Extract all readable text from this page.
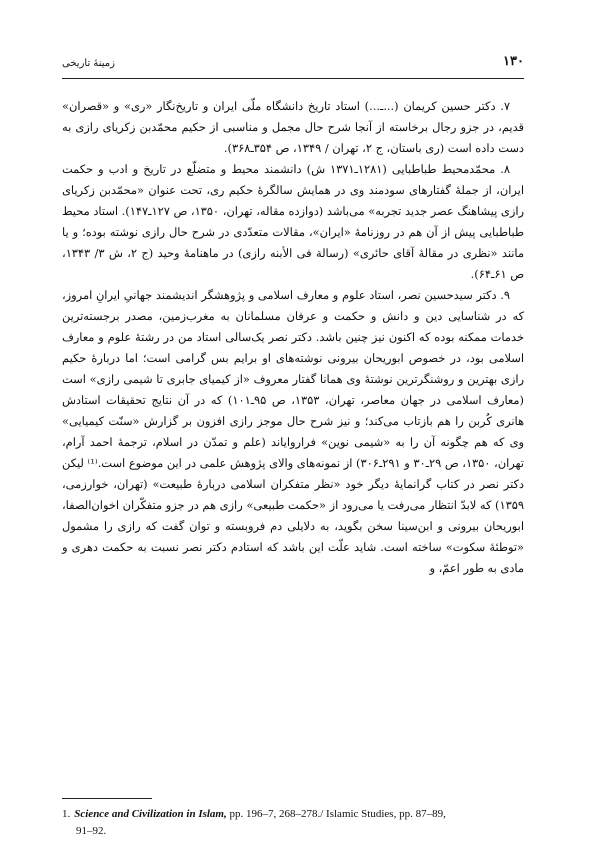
۱۳۰
زمینهٔ تاریخی

۷. دکتر حسین کریمان (...ـ...) استاد تاریخ دانشگاه ملّی ایران و تاریخ‌نگار «ری» و «قصران» قدیم، در جزو رجال برخاسته از آنجا شرح حال مجمل و مناسبی از حکیم محمّدبن زکریای رازی به دست داده است (ری باستان، ج ۲، تهران / ۱۳۴۹، ص ۳۵۴ـ۳۶۸).

۸. محمّدمحیط طباطبایی (۱۲۸۱ـ۱۳۷۱ ش) دانشمند محیط و متضلّع در تاریخ و ادب و حکمت ایران، از جملهٔ گفتارهای سودمند وی در همایش سالگرهٔ حکیم ری، تحت عنوان «محمّدبن زکریای رازی پیشاهنگ عصر جدید تجربه» می‌باشد (دوازده مقاله، تهران، ۱۳۵۰، ص ۱۲۷ـ۱۴۷). استاد محیط طباطبایی پیش از آن هم در روزنامهٔ «ایران»، مقالات متعدّدی در شرح حال رازی نوشته بوده؛ و یا مانند «نظری در مقالهٔ آقای حائری» (رسالة فی الأبنه رازی) در ماهنامهٔ وحید (ج ۲، ش ۳/ ۱۳۴۳، ص ۶۱ـ۶۴).

۹. دکتر سیدحسین نصر، استاد علوم و معارف اسلامی و پژوهشگر اندیشمند جهانیِ ایرانِ امروز، که در شناسایی دین و دانش و حکمت و عرفان مسلمانان به مغرب‌زمین، مصدر برجسته‌ترین خدمات ممکنه بوده که اکنون نیز چنین باشد. دکتر نصر یک‌سالی استاد من در رشتهٔ علوم و معارف اسلامی بود، در خصوص ابوریحان بیرونی نوشته‌های او برایم بس گرامی است؛ اما دربارهٔ حکیم رازی بهترین و روشنگرترین نوشتهٔ وی همانا گفتار معروف «از کیمیای جابری تا شیمی رازی» است (معارف اسلامی در جهان معاصر، تهران، ۱۳۵۳، ص ۹۵ـ۱۰۱) که در آن نتایج تحقیقات استادش هانری کُربن را هم بازتاب می‌کند؛ و نیز شرح حال موجز رازی افزون بر گزارش «سنّت کیمیایی» وی که هم چگونه آن را به «شیمی نوین» فراروایاند (علم و تمدّن در اسلام، ترجمهٔ احمد آرام، تهران، ۱۳۵۰، ص ۲۹ـ۳۰ و ۲۹۱ـ۳۰۶) از نمونه‌های والای پژوهش علمی در این موضوع است.⁽¹⁾ لیکن دکتر نصر در کتاب گرانمایهٔ دیگر خود «نظر متفکران اسلامی دربارهٔ طبیعت» (تهران، خوارزمی، ۱۳۵۹) که لابدّ انتظار می‌رفت یا می‌رود از «حکمت طبیعی» رازی هم در جزو متفکّران اخوان‌الصفا، ابوریحان بیرونی و ابن‌سینا سخن بگوید، به دلایلی دم فروبسته و توان گفت که رازی را مشمول «توطئهٔ سکوت» ساخته است. شاید علّت این باشد که استادم دکتر نصر نسبت به حکمت دهری و مادی به طور اعمّ، و

1. Science and Civilization in Islam, pp. 196–7, 268–278./ Islamic Studies, pp. 87–89,
91–92.
